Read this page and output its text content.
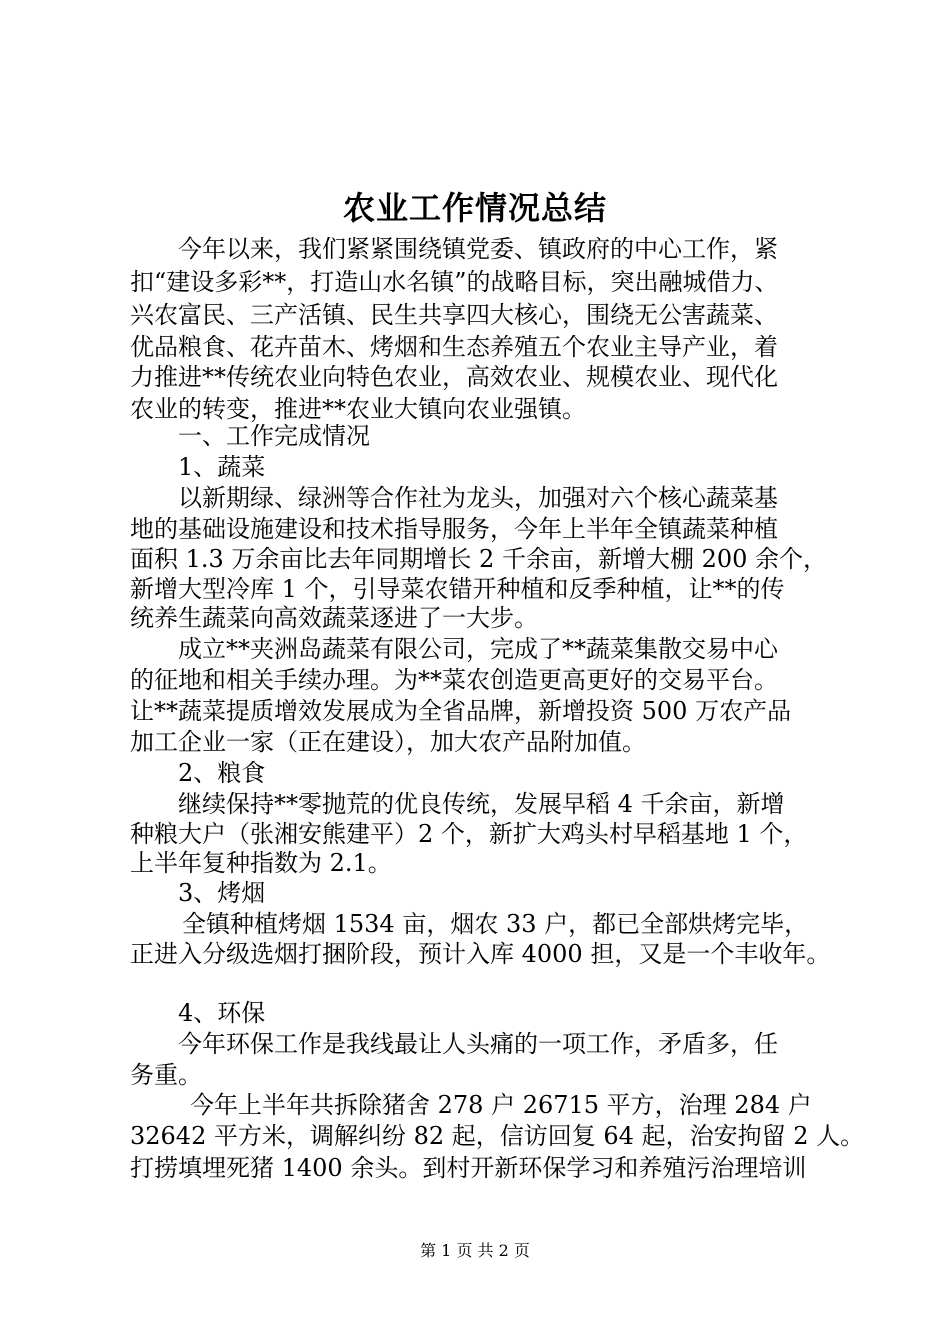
农业工作情况总结
今年以来，我们紧紧围绕镇党委、镇政府的中心工作，紧
扣“建设多彩**，打造山水名镇”的战略目标，突出融城借力、
兴农富民、三产活镇、民生共享四大核心，围绕无公害蔬菜、
优品粮食、花卉苗木、烤烟和生态养殖五个农业主导产业，着
力推进**传统农业向特色农业，高效农业、规模农业、现代化
农业的转变，推进**农业大镇向农业强镇。
一、工作完成情况
1、蔬菜
以新期绿、绿洲等合作社为龙头，加强对六个核心蔬菜基
地的基础设施建设和技术指导服务，今年上半年全镇蔬菜种植
面积 1.3 万余亩比去年同期增长 2 千余亩，新增大棚 200 余个，
新增大型冷库 1 个，引导菜农错开种植和反季种植，让**的传
统养生蔬菜向高效蔬菜逐进了一大步。
成立**夹洲岛蔬菜有限公司，完成了**蔬菜集散交易中心
的征地和相关手续办理。为**菜农创造更高更好的交易平台。
让**蔬菜提质增效发展成为全省品牌，新增投资 500 万农产品
加工企业一家（正在建设），加大农产品附加值。
2、粮食
继续保持**零抛荒的优良传统，发展早稻 4 千余亩，新增
种粮大户（张湘安熊建平）2 个，新扩大鸡头村早稻基地 1 个，
上半年复种指数为 2.1。
3、烤烟
全镇种植烤烟 1534 亩，烟农 33 户，都已全部烘烤完毕，
正进入分级选烟打捆阶段，预计入库 4000 担，又是一个丰收年。
4、环保
今年环保工作是我线最让人头痛的一项工作，矛盾多，任
务重。
今年上半年共拆除猪舍 278 户 26715 平方，治理 284 户
32642 平方米，调解纠纷 82 起，信访回复 64 起，治安拘留 2 人。
打捞填埋死猪 1400 余头。到村开新环保学习和养殖污治理培训
第 1 页 共 2 页
